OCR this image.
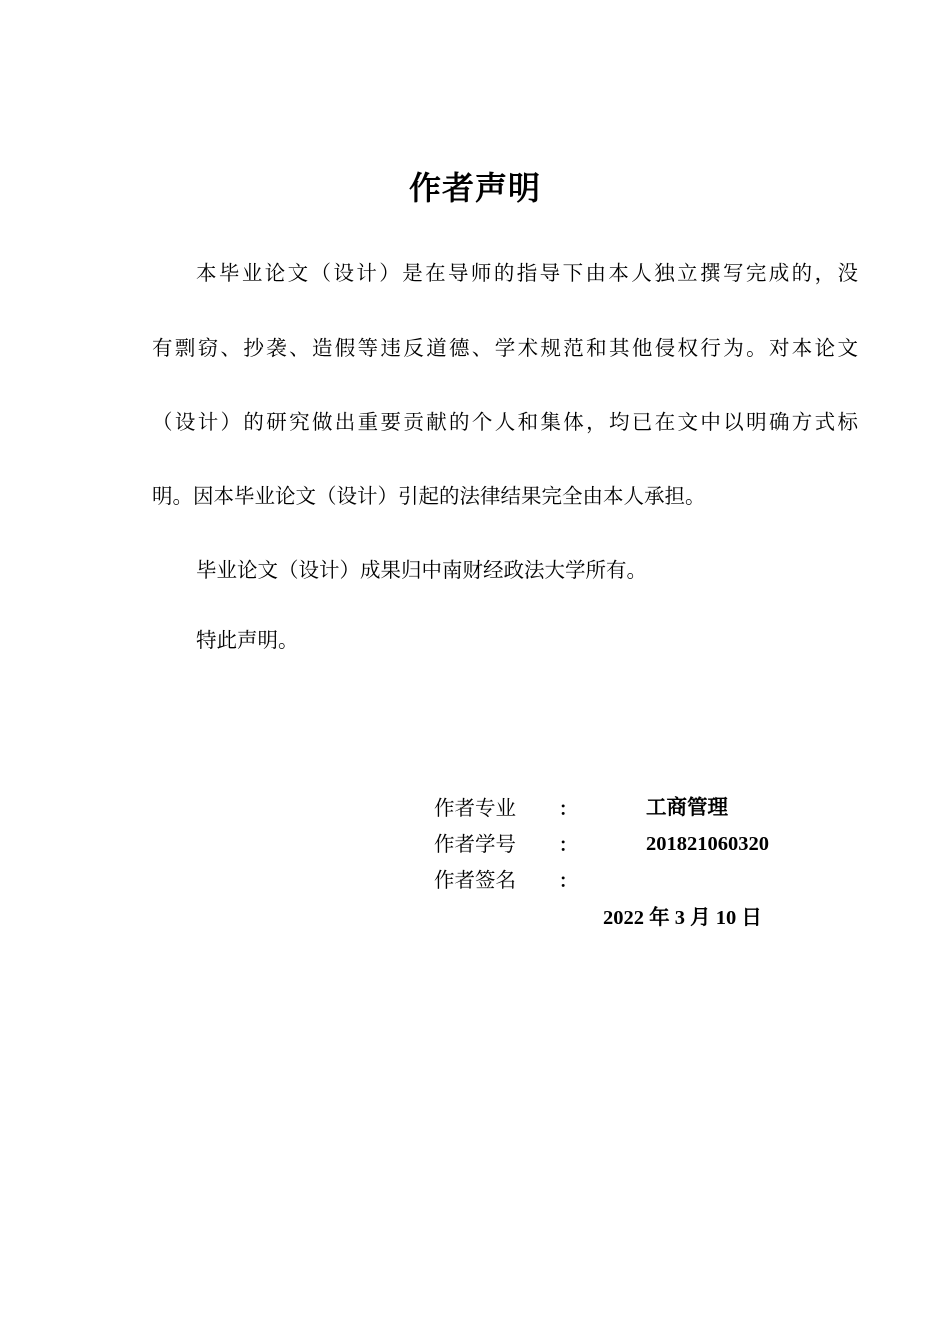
作者声明
本毕业论文（设计）是在导师的指导下由本人独立撰写完成的，没
有剽窃、抄袭、造假等违反道德、学术规范和其他侵权行为。对本论文
（设计）的研究做出重要贡献的个人和集体，均已在文中以明确方式标
明。因本毕业论文（设计）引起的法律结果完全由本人承担。
毕业论文（设计）成果归中南财经政法大学所有。
特此声明。
作者专业 ：	工商管理
作者学号 ：	201821060320
作者签名 ：
2022 年 3 月 10 日
